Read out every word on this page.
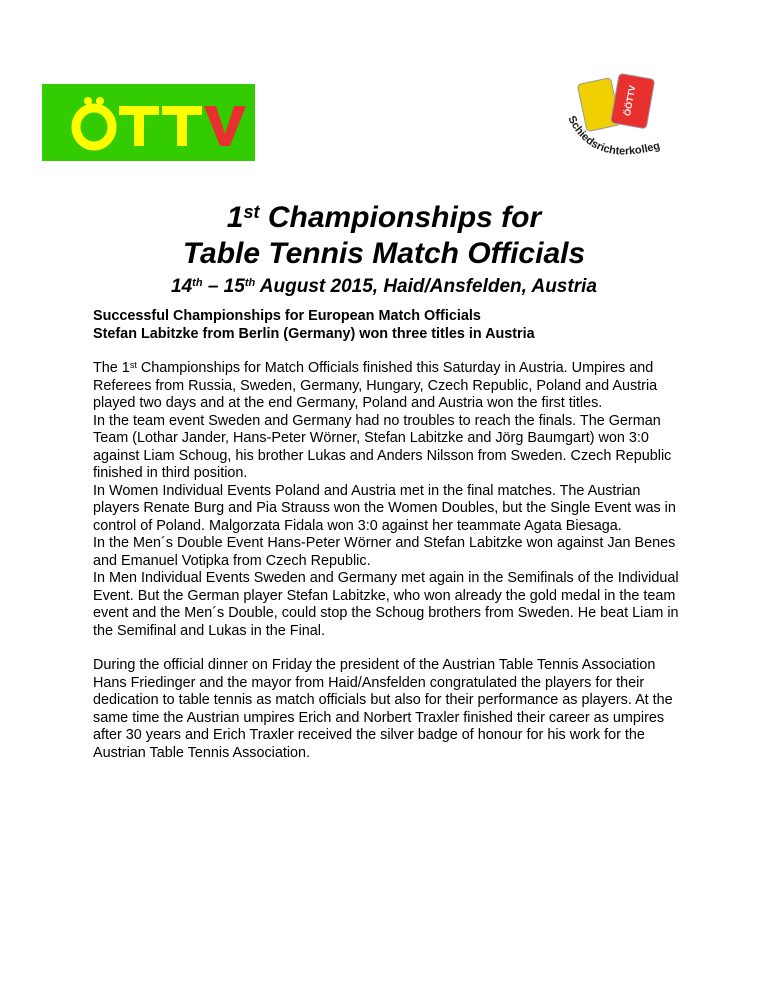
ÖÖTTV
Schiedsrichterkolleg
1st Championships for
Table Tennis Match Officials
14th – 15th August 2015, Haid/Ansfelden, Austria

Successful Championships for European Match Officials

Stefan Labitzke from Berlin (Germany) won three titles in Austria

The 1st Championships for Match Officials finished this Saturday in Austria. Umpires and Referees from Russia, Sweden, Germany, Hungary, Czech Republic, Poland and Austria played two days and at the end Germany, Poland and Austria won the first titles.

In the team event Sweden and Germany had no troubles to reach the finals. The German Team (Lothar Jander, Hans-Peter Wörner, Stefan Labitzke and Jörg Baumgart) won 3:0 against Liam Schoug, his brother Lukas and Anders Nilsson from Sweden. Czech Republic finished in third position.

In Women Individual Events Poland and Austria met in the final matches. The Austrian players Renate Burg and Pia Strauss won the Women Doubles, but the Single Event was in control of Poland. Malgorzata Fidala won 3:0 against her teammate Agata Biesaga.

In the Men´s Double Event Hans-Peter Wörner and Stefan Labitzke won against Jan Benes and Emanuel Votipka from Czech Republic.

In Men Individual Events Sweden and Germany met again in the Semifinals of the Individual Event. But the German player Stefan Labitzke, who won already the gold medal in the team event and the Men´s Double, could stop the Schoug brothers from Sweden. He beat Liam in the Semifinal and Lukas in the Final.

During the official dinner on Friday the president of the Austrian Table Tennis Association Hans Friedinger and the mayor from Haid/Ansfelden congratulated the players for their dedication to table tennis as match officials but also for their performance as players. At the same time the Austrian umpires Erich and Norbert Traxler finished their career as umpires after 30 years and Erich Traxler received the silver badge of honour for his work for the Austrian Table Tennis Association.
